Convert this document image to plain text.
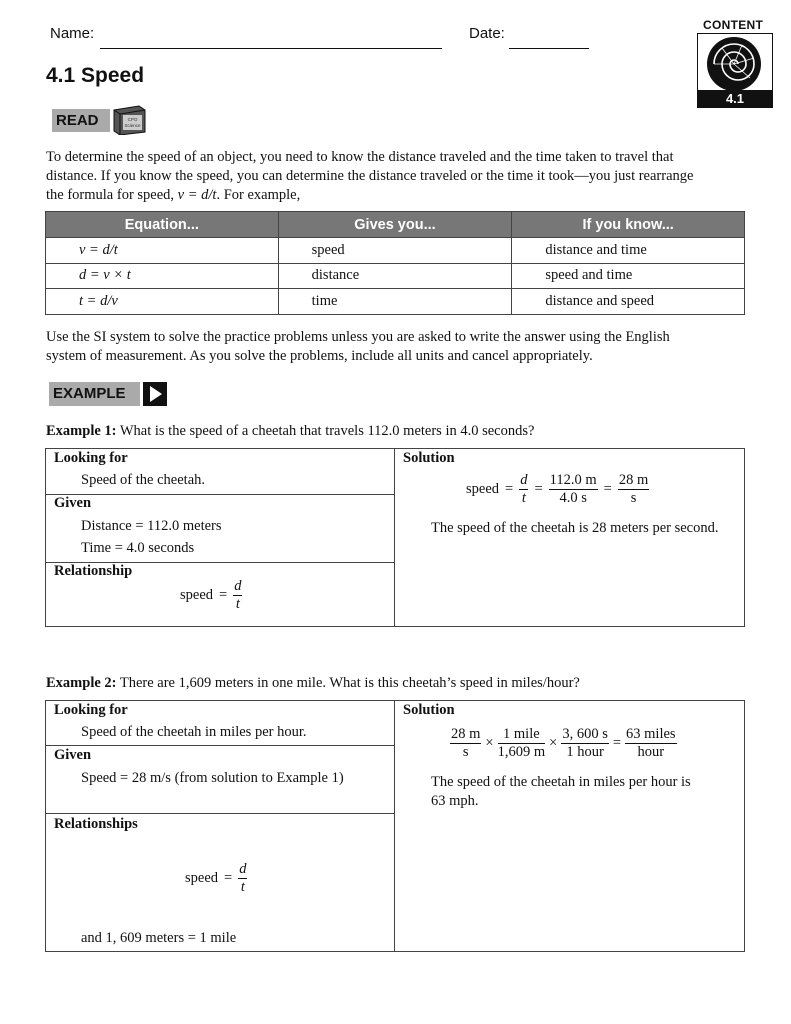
Name:	Date:	CONTENT
4.1
4.1 Speed
READ	CPO
Science
To determine the speed of an object, you need to know the distance traveled and the time taken to travel that
distance. If you know the speed, you can determine the distance traveled or the time it took—you just rearrange
the formula for speed, v = d/t. For example,
Equation...	Gives you...	If you know...
v = d/t	speed	distance and time
d = v × t	distance	speed and time
t = d/v	time	distance and speed
Use the SI system to solve the practice problems unless you are asked to write the answer using the English
system of measurement. As you solve the problems, include all units and cancel appropriately.
EXAMPLE
Example 1: What is the speed of a cheetah that travels 112.0 meters in 4.0 seconds?
Looking for
Speed of the cheetah.
Given
Distance = 112.0 meters
Time = 4.0 seconds
Relationship
speed = $\frac{d}{t}$
Solution
speed = $\frac{d}{t} = \frac{112.0 m}{4.0 s} = \frac{28 m}{s}$
The speed of the cheetah is 28 meters per second.
Example 2: There are 1,609 meters in one mile. What is this cheetah’s speed in miles/hour?
Looking for
Speed of the cheetah in miles per hour.
Given
Speed = 28 m/s (from solution to Example 1)
Relationships
speed = $\frac{d}{t}$
and 1, 609 meters = 1 mile
Solution
$\frac{28 m}{s} \times \frac{\text{1 mile}}{1,609 m} \times \frac{3, 600 s}{\text{1 hour}} = \frac{\text{63 miles}}{\text{hour}}$
The speed of the cheetah in miles per hour is
63 mph.
